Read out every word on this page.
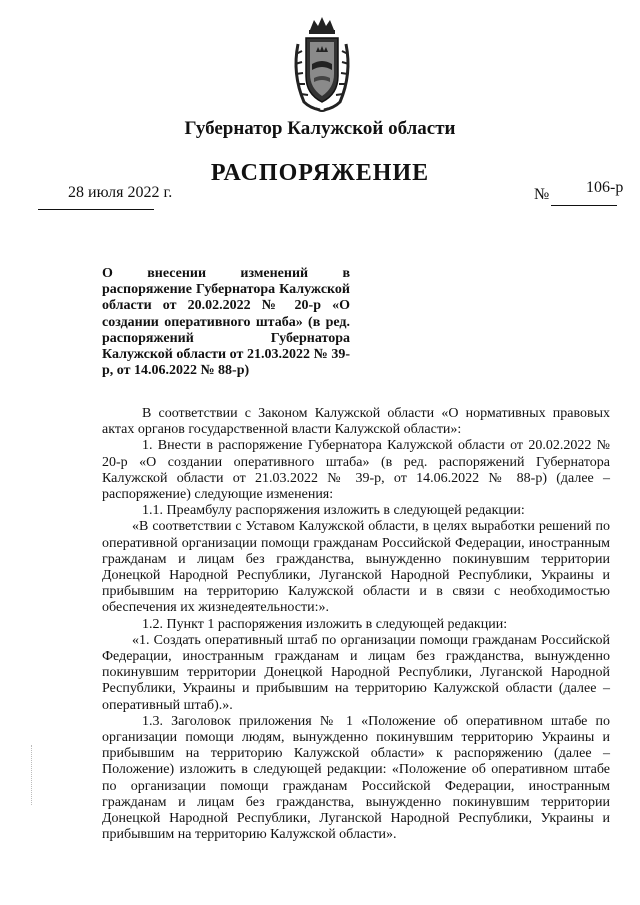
Губернатор Калужской области
РАСПОРЯЖЕНИЕ
28 июля 2022 г.	№ 106-р
О внесении изменений в распоряжение Губернатора Калужской области от 20.02.2022 № 20-р «О создании оперативного штаба» (в ред. распоряжений Губернатора Калужской области от 21.03.2022 № 39-р, от 14.06.2022 № 88-р)

В соответствии с Законом Калужской области «О нормативных правовых актах органов государственной власти Калужской области»:

1. Внести в распоряжение Губернатора Калужской области от 20.02.2022 № 20-р «О создании оперативного штаба» (в ред. распоряжений Губернатора Калужской области от 21.03.2022 № 39-р, от 14.06.2022 № 88-р) (далее – распоряжение) следующие изменения:

1.1. Преамбулу распоряжения изложить в следующей редакции:

«В соответствии с Уставом Калужской области, в целях выработки решений по оперативной организации помощи гражданам Российской Федерации, иностранным гражданам и лицам без гражданства, вынужденно покинувшим территории Донецкой Народной Республики, Луганской Народной Республики, Украины и прибывшим на территорию Калужской области и в связи с необходимостью обеспечения их жизнедеятельности:».

1.2. Пункт 1 распоряжения изложить в следующей редакции:

«1. Создать оперативный штаб по организации помощи гражданам Российской Федерации, иностранным гражданам и лицам без гражданства, вынужденно покинувшим территории Донецкой Народной Республики, Луганской Народной Республики, Украины и прибывшим на территорию Калужской области (далее – оперативный штаб).».

1.3. Заголовок приложения № 1 «Положение об оперативном штабе по организации помощи людям, вынужденно покинувшим территорию Украины и прибывшим на территорию Калужской области» к распоряжению (далее – Положение) изложить в следующей редакции: «Положение об оперативном штабе по организации помощи гражданам Российской Федерации, иностранным гражданам и лицам без гражданства, вынужденно покинувшим территории Донецкой Народной Республики, Луганской Народной Республики, Украины и прибывшим на территорию Калужской области».
